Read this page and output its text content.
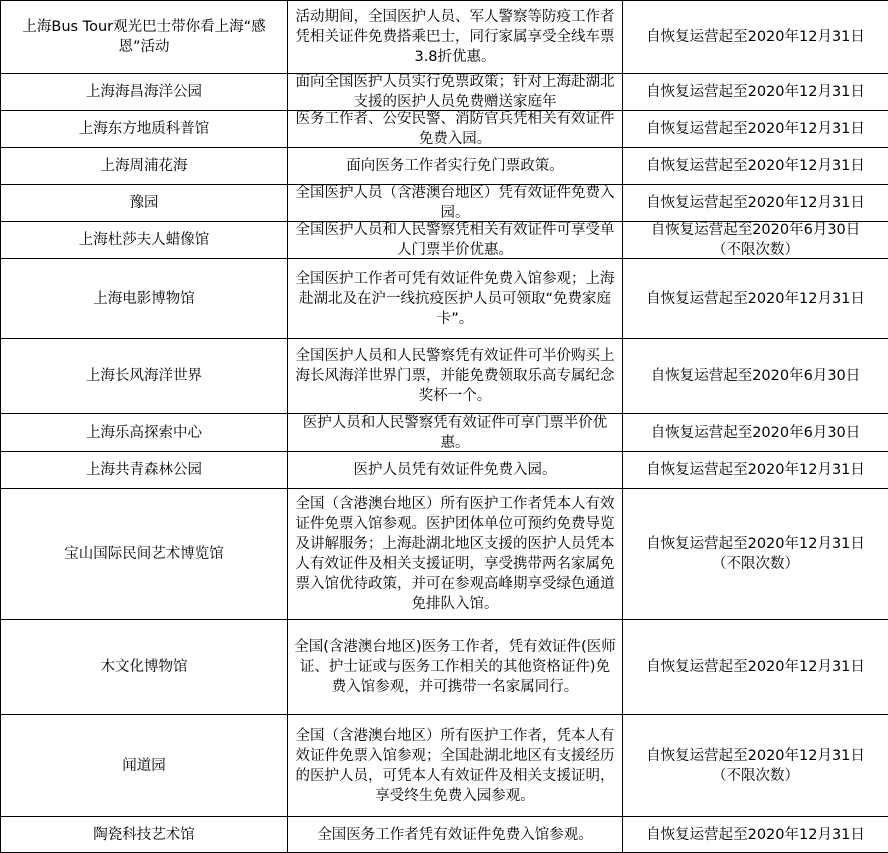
上海Bus Tour观光巴士带你看上海“感恩”活动	活动期间，全国医护人员、军人警察等防疫工作者凭相关证件免费搭乘巴士，同行家属享受全线车票3.8折优惠。	自恢复运营起至2020年12月31日

上海海昌海洋公园	面向全国医护人员实行免票政策；针对上海赴湖北支援的医护人员免费赠送家庭年	自恢复运营起至2020年12月31日

上海东方地质科普馆	医务工作者、公安民警、消防官兵凭相关有效证件免费入园。	自恢复运营起至2020年12月31日

上海周浦花海	面向医务工作者实行免门票政策。	自恢复运营起至2020年12月31日

豫园	全国医护人员（含港澳台地区）凭有效证件免费入园。	自恢复运营起至2020年12月31日

上海杜莎夫人蜡像馆	全国医护人员和人民警察凭相关有效证件可享受单人门票半价优惠。	自恢复运营起至2020年6月30日
（不限次数）

上海电影博物馆	全国医护工作者可凭有效证件免费入馆参观；上海赴湖北及在沪一线抗疫医护人员可领取“免费家庭卡”。	自恢复运营起至2020年12月31日

上海长风海洋世界	全国医护人员和人民警察凭有效证件可半价购买上海长风海洋世界门票，并能免费领取乐高专属纪念奖杯一个。	自恢复运营起至2020年6月30日

上海乐高探索中心	医护人员和人民警察凭有效证件可享门票半价优惠。	自恢复运营起至2020年6月30日

上海共青森林公园	医护人员凭有效证件免费入园。	自恢复运营起至2020年12月31日

宝山国际民间艺术博览馆	全国（含港澳台地区）所有医护工作者凭本人有效证件免票入馆参观。医护团体单位可预约免费导览及讲解服务；上海赴湖北地区支援的医护人员凭本人有效证件及相关支援证明，享受携带两名家属免票入馆优待政策，并可在参观高峰期享受绿色通道免排队入馆。	自恢复运营起至2020年12月31日
（不限次数）

木文化博物馆	全国(含港澳台地区)医务工作者，凭有效证件(医师证、护士证或与医务工作相关的其他资格证件)免费入馆参观，并可携带一名家属同行。	自恢复运营起至2020年12月31日

闻道园	全国（含港澳台地区）所有医护工作者，凭本人有效证件免票入馆参观；全国赴湖北地区有支援经历的医护人员，可凭本人有效证件及相关支援证明，享受终生免费入园参观。	自恢复运营起至2020年12月31日
（不限次数）

陶瓷科技艺术馆	全国医务工作者凭有效证件免费入馆参观。	自恢复运营起至2020年12月31日
